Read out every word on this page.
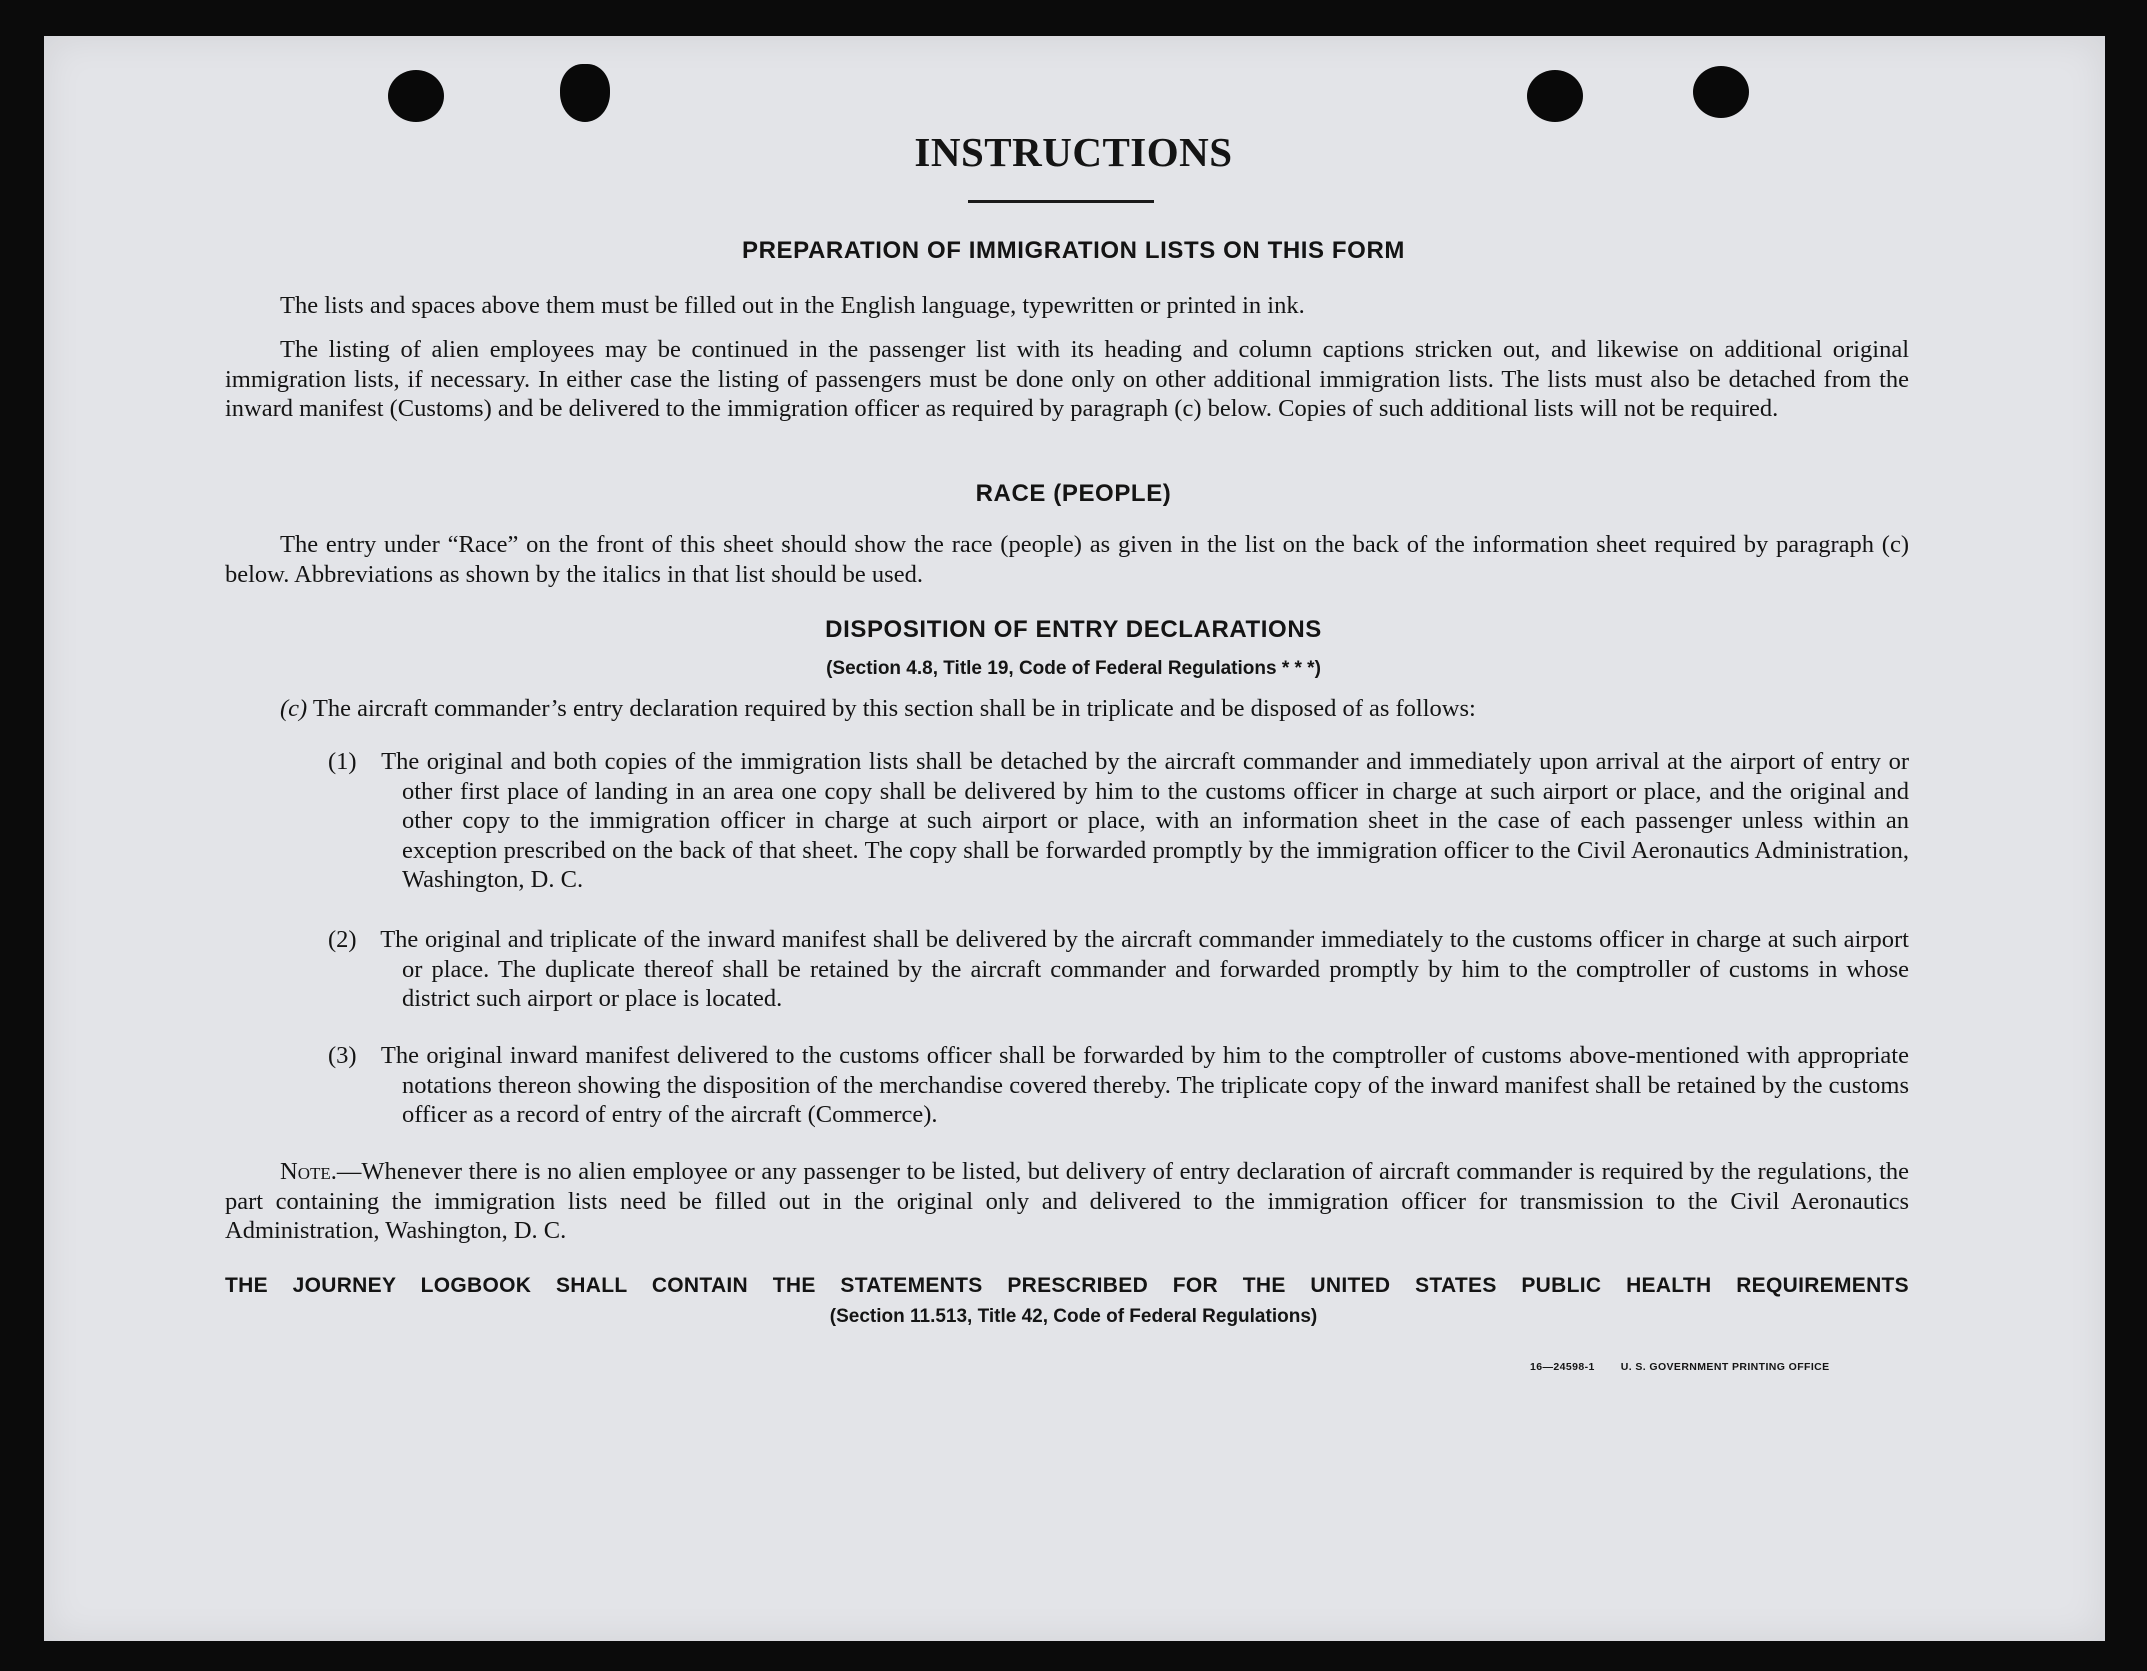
INSTRUCTIONS
PREPARATION OF IMMIGRATION LISTS ON THIS FORM
The lists and spaces above them must be filled out in the English language, typewritten or printed in ink.
The listing of alien employees may be continued in the passenger list with its heading and column captions stricken out, and likewise on additional original immigration lists, if necessary. In either case the listing of passengers must be done only on other additional immigration lists. The lists must also be detached from the inward manifest (Customs) and be delivered to the immigration officer as required by paragraph (c) below. Copies of such additional lists will not be required.
RACE (PEOPLE)
The entry under “Race” on the front of this sheet should show the race (people) as given in the list on the back of the information sheet required by paragraph (c) below. Abbreviations as shown by the italics in that list should be used.
DISPOSITION OF ENTRY DECLARATIONS
(Section 4.8, Title 19, Code of Federal Regulations * * *)
(c) The aircraft commander’s entry declaration required by this section shall be in triplicate and be disposed of as follows:
(1) The original and both copies of the immigration lists shall be detached by the aircraft commander and immediately upon arrival at the airport of entry or other first place of landing in an area one copy shall be delivered by him to the customs officer in charge at such airport or place, and the original and other copy to the immigration officer in charge at such airport or place, with an information sheet in the case of each passenger unless within an exception prescribed on the back of that sheet. The copy shall be forwarded promptly by the immigration officer to the Civil Aeronautics Administration, Washington, D. C.
(2) The original and triplicate of the inward manifest shall be delivered by the aircraft commander immediately to the customs officer in charge at such airport or place. The duplicate thereof shall be retained by the aircraft commander and forwarded promptly by him to the comptroller of customs in whose district such airport or place is located.
(3) The original inward manifest delivered to the customs officer shall be forwarded by him to the comptroller of customs above-mentioned with appropriate notations thereon showing the disposition of the merchandise covered thereby. The triplicate copy of the inward manifest shall be retained by the customs officer as a record of entry of the aircraft (Commerce).
Note.—Whenever there is no alien employee or any passenger to be listed, but delivery of entry declaration of aircraft commander is required by the regulations, the part containing the immigration lists need be filled out in the original only and delivered to the immigration officer for transmission to the Civil Aeronautics Administration, Washington, D. C.
THE JOURNEY LOGBOOK SHALL CONTAIN THE STATEMENTS PRESCRIBED FOR THE UNITED STATES PUBLIC HEALTH REQUIREMENTS
(Section 11.513, Title 42, Code of Federal Regulations)
16—24598-1 U. S. GOVERNMENT PRINTING OFFICE
